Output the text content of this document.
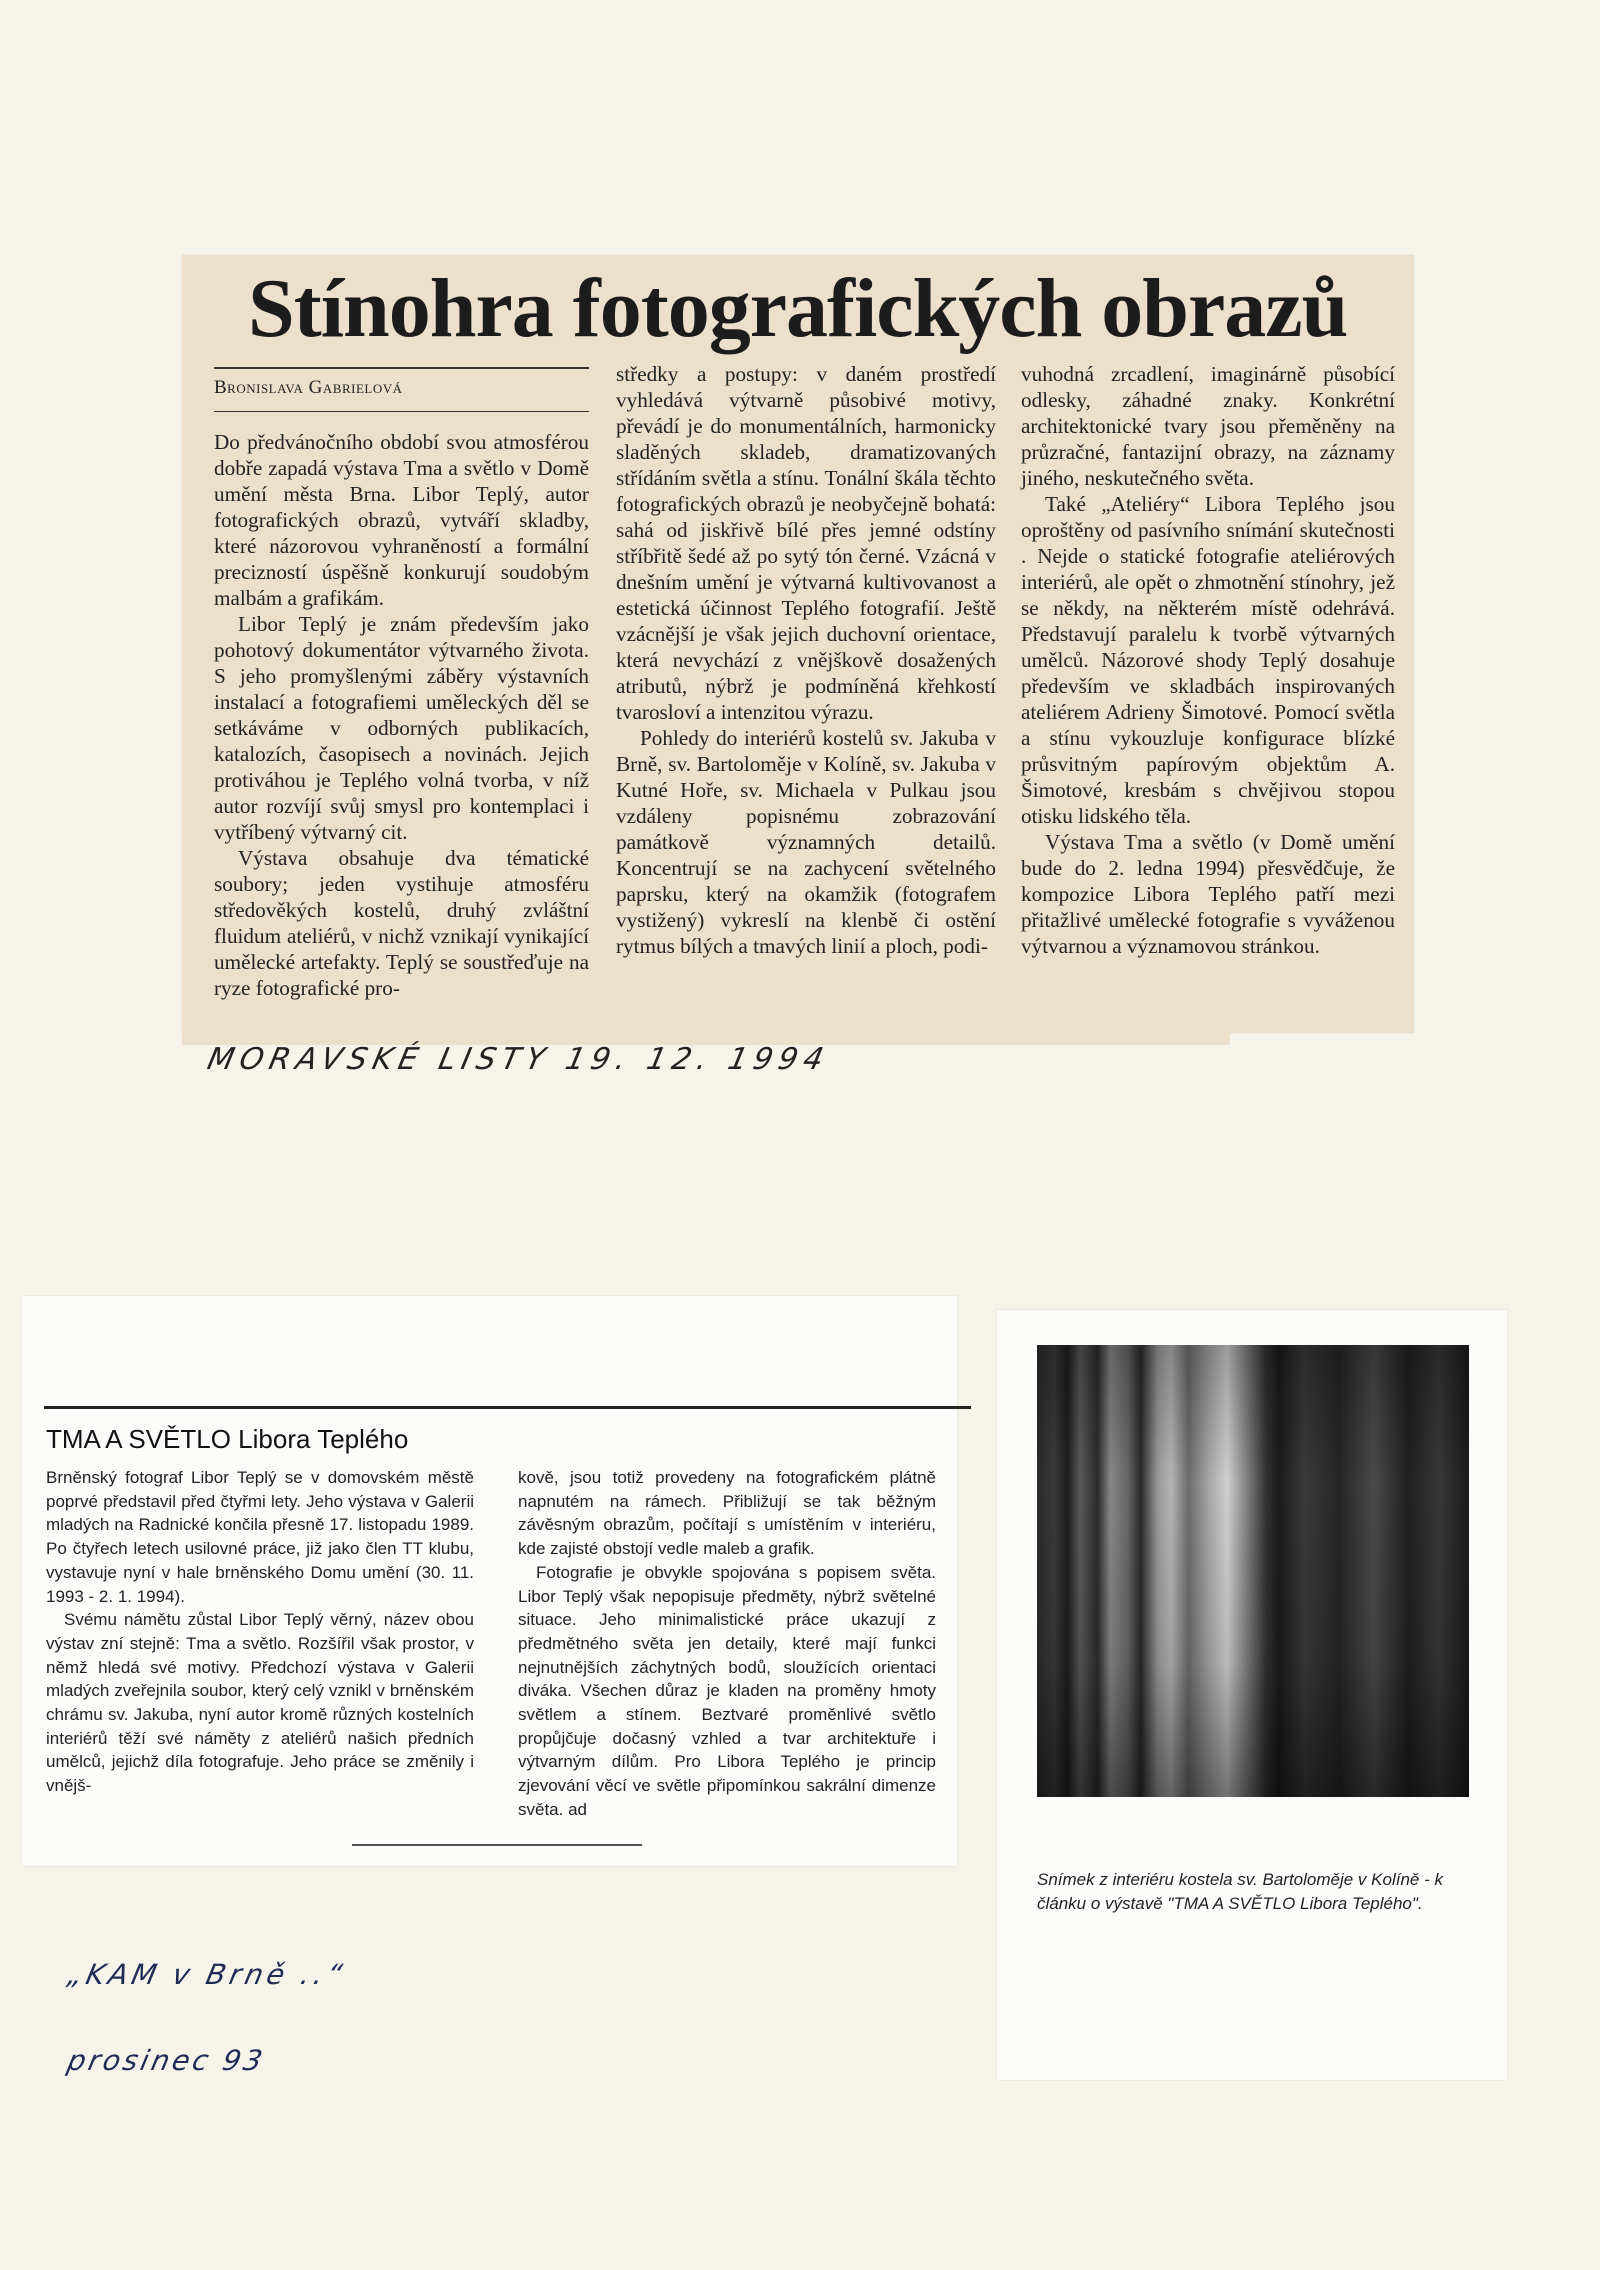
Stínohra fotografických obrazů
Bronislava Gabrielová

Do předvánočního období svou atmosférou dobře zapadá výstava Tma a světlo v Domě umění města Brna. Libor Teplý, autor fotografických obrazů, vytváří skladby, které názorovou vyhraněností a formální precizností úspěšně konkurují soudobým malbám a grafikám.

Libor Teplý je znám především jako pohotový dokumentátor výtvarného života. S jeho promyšlenými záběry výstavních instalací a fotografiemi uměleckých děl se setkáváme v odborných publikacích, katalozích, časopisech a novinách. Jejich protiváhou je Teplého volná tvorba, v níž autor rozvíjí svůj smysl pro kontemplaci i vytříbený výtvarný cit.

Výstava obsahuje dva tématické soubory; jeden vystihuje atmosféru středověkých kostelů, druhý zvláštní fluidum ateliérů, v nichž vznikají vynikající umělecké artefakty. Teplý se soustřeďuje na ryze fotografické pro-

středky a postupy: v daném prostředí vyhledává výtvarně působivé motivy, převádí je do monumentálních, harmonicky sladěných skladeb, dramatizovaných střídáním světla a stínu. Tonální škála těchto fotografických obrazů je neobyčejně bohatá: sahá od jiskřivě bílé přes jemné odstíny stříbřitě šedé až po sytý tón černé. Vzácná v dnešním umění je výtvarná kultivovanost a estetická účinnost Teplého fotografií. Ještě vzácnější je však jejich duchovní orientace, která nevychází z vnějškově dosažených atributů, nýbrž je podmíněná křehkostí tvarosloví a intenzitou výrazu.

Pohledy do interiérů kostelů sv. Jakuba v Brně, sv. Bartoloměje v Kolíně, sv. Jakuba v Kutné Hoře, sv. Michaela v Pulkau jsou vzdáleny popisnému zobrazování památkově významných detailů. Koncentrují se na zachycení světelného paprsku, který na okamžik (fotografem vystižený) vykreslí na klenbě či ostění rytmus bílých a tmavých linií a ploch, podi-

vuhodná zrcadlení, imaginárně působící odlesky, záhadné znaky. Konkrétní architektonické tvary jsou přeměněny na průzračné, fantazijní obrazy, na záznamy jiného, neskutečného světa.

Také „Ateliéry“ Libora Teplého jsou oproštěny od pasívního snímání skutečnosti . Nejde o statické fotografie ateliérových interiérů, ale opět o zhmotnění stínohry, jež se někdy, na některém místě odehrává. Představují paralelu k tvorbě výtvarných umělců. Názorové shody Teplý dosahuje především ve skladbách inspirovaných ateliérem Adrieny Šimotové. Pomocí světla a stínu vykouzluje konfigurace blízké průsvitným papírovým objektům A. Šimotové, kresbám s chvějivou stopou otisku lidského těla.

Výstava Tma a světlo (v Domě umění bude do 2. ledna 1994) přesvědčuje, že kompozice Libora Teplého patří mezi přitažlivé umělecké fotografie s vyváženou výtvarnou a významovou stránkou.

MORAVSKÉ LISTY 19. 12. 1994
TMA A SVĚTLO Libora Teplého

Brněnský fotograf Libor Teplý se v domovském městě poprvé představil před čtyřmi lety. Jeho výstava v Galerii mladých na Radnické končila přesně 17. listopadu 1989. Po čtyřech letech usilovné práce, již jako člen TT klubu, vystavuje nyní v hale brněnského Domu umění (30. 11. 1993 - 2. 1. 1994).

Svému námětu zůstal Libor Teplý věrný, název obou výstav zní stejně: Tma a světlo. Rozšířil však prostor, v němž hledá své motivy. Předchozí výstava v Galerii mladých zveřejnila soubor, který celý vznikl v brněnském chrámu sv. Jakuba, nyní autor kromě různých kostelních interiérů těží své náměty z ateliérů našich předních umělců, jejichž díla fotografuje. Jeho práce se změnily i vnějš-

kově, jsou totiž provedeny na fotografickém plátně napnutém na rámech. Přibližují se tak běžným závěsným obrazům, počítají s umístěním v interiéru, kde zajisté obstojí vedle maleb a grafik.

Fotografie je obvykle spojována s popisem světa. Libor Teplý však nepopisuje předměty, nýbrž světelné situace. Jeho minimalistické práce ukazují z předmětného světa jen detaily, které mají funkci nejnutnějších záchytných bodů, sloužících orientaci diváka. Všechen důraz je kladen na proměny hmoty světlem a stínem. Beztvaré proměnlivé světlo propůjčuje dočasný vzhled a tvar architektuře i výtvarným dílům. Pro Libora Teplého je princip zjevování věcí ve světle připomínkou sakrální dimenze světa. ad

Snímek z interiéru kostela sv. Bartoloměje v Kolíně - k článku o výstavě "TMA A SVĚTLO Libora Teplého".
„KAM v Brně ..“
prosinec 93
